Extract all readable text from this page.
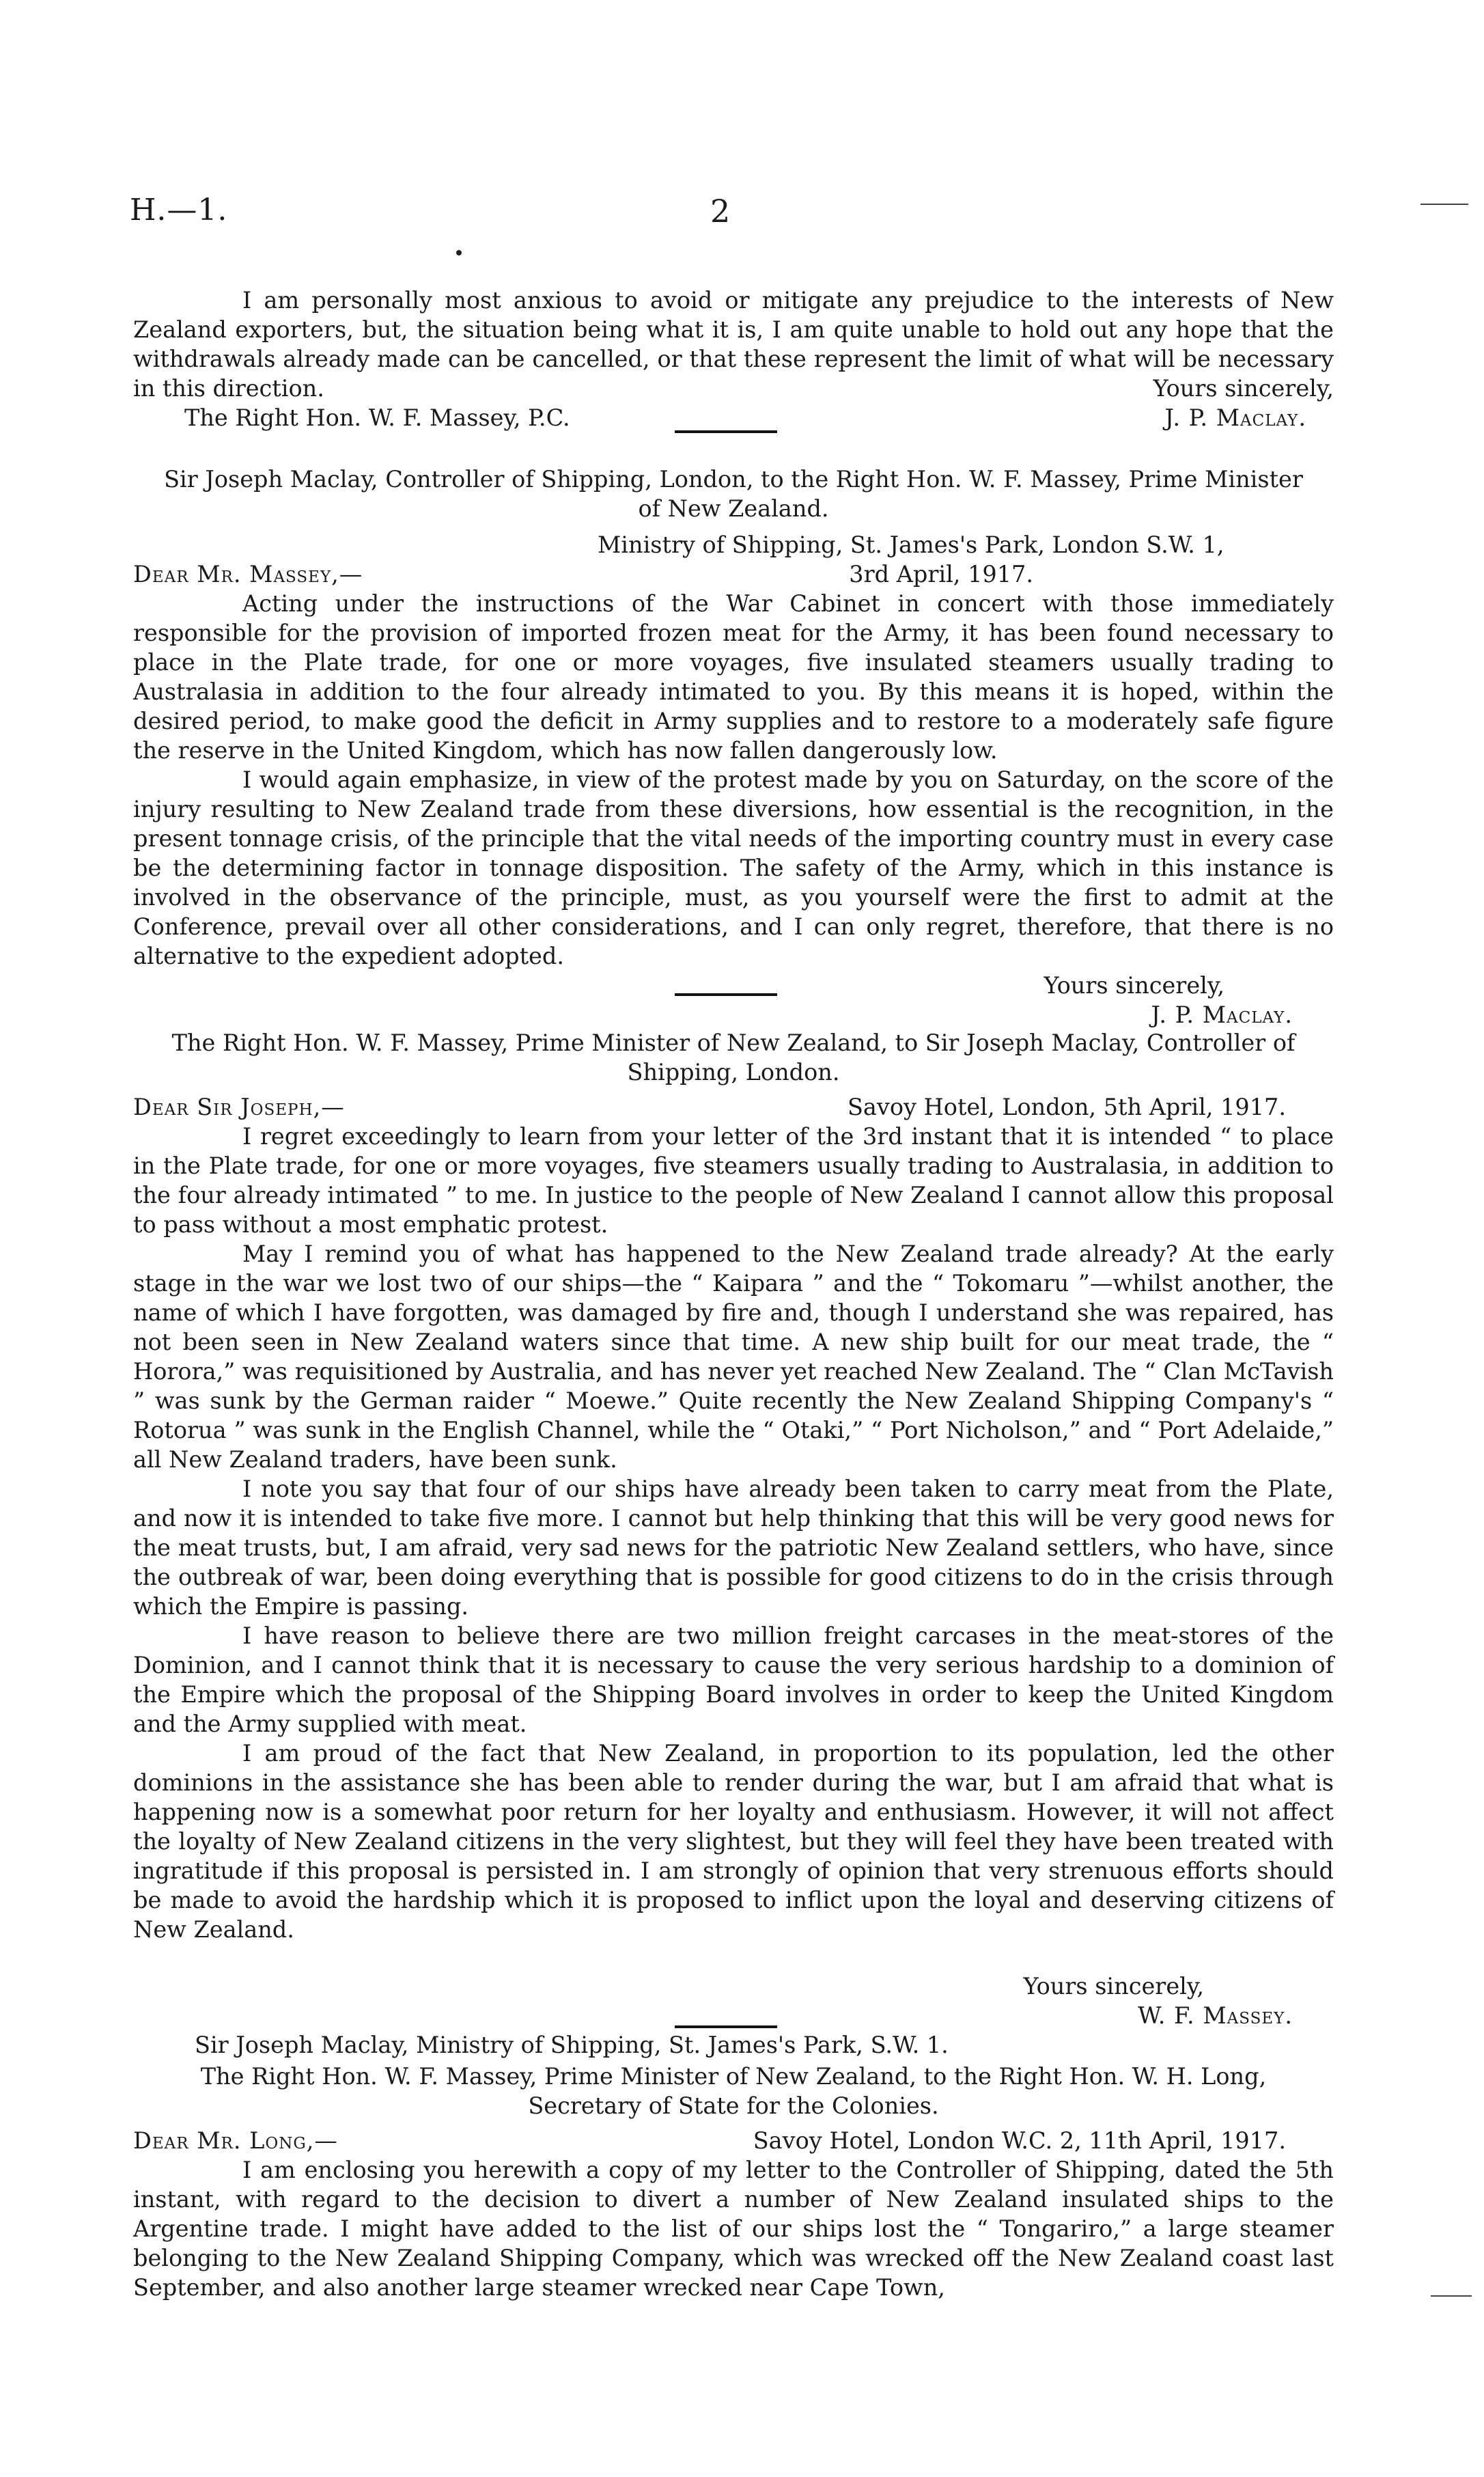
H.—1.	2

I am personally most anxious to avoid or mitigate any prejudice to the interests of New Zealand exporters, but, the situation being what it is, I am quite unable to hold out any hope that the withdrawals already made can be cancelled, or that these represent the limit of what will be necessary in this direction.	Yours sincerely,

The Right Hon. W. F. Massey, P.C.	J. P. Maclay.

Sir Joseph Maclay, Controller of Shipping, London, to the Right Hon. W. F. Massey, Prime Minister of New Zealand.

Ministry of Shipping, St. James's Park, London S.W. 1,

Dear Mr. Massey,—	3rd April, 1917.

Acting under the instructions of the War Cabinet in concert with those immediately responsible for the provision of imported frozen meat for the Army, it has been found necessary to place in the Plate trade, for one or more voyages, five insulated steamers usually trading to Australasia in addition to the four already intimated to you. By this means it is hoped, within the desired period, to make good the deficit in Army supplies and to restore to a moderately safe figure the reserve in the United Kingdom, which has now fallen dangerously low.

I would again emphasize, in view of the protest made by you on Saturday, on the score of the injury resulting to New Zealand trade from these diversions, how essential is the recognition, in the present tonnage crisis, of the principle that the vital needs of the importing country must in every case be the determining factor in tonnage disposition. The safety of the Army, which in this instance is involved in the observance of the principle, must, as you yourself were the first to admit at the Conference, prevail over all other considerations, and I can only regret, therefore, that there is no alternative to the expedient adopted.

Yours sincerely,

J. P. Maclay.

The Right Hon. W. F. Massey, Prime Minister of New Zealand, to Sir Joseph Maclay, Controller of Shipping, London.

Dear Sir Joseph,—	Savoy Hotel, London, 5th April, 1917.

I regret exceedingly to learn from your letter of the 3rd instant that it is intended “ to place in the Plate trade, for one or more voyages, five steamers usually trading to Australasia, in addition to the four already intimated ” to me. In justice to the people of New Zealand I cannot allow this proposal to pass without a most emphatic protest.

May I remind you of what has happened to the New Zealand trade already? At the early stage in the war we lost two of our ships—the “ Kaipara ” and the “ Tokomaru ”—whilst another, the name of which I have forgotten, was damaged by fire and, though I understand she was repaired, has not been seen in New Zealand waters since that time. A new ship built for our meat trade, the “ Horora,” was requisitioned by Australia, and has never yet reached New Zealand. The “ Clan McTavish ” was sunk by the German raider “ Moewe.” Quite recently the New Zealand Shipping Company's “ Rotorua ” was sunk in the English Channel, while the “ Otaki,” “ Port Nicholson,” and “ Port Adelaide,” all New Zealand traders, have been sunk.

I note you say that four of our ships have already been taken to carry meat from the Plate, and now it is intended to take five more. I cannot but help thinking that this will be very good news for the meat trusts, but, I am afraid, very sad news for the patriotic New Zealand settlers, who have, since the outbreak of war, been doing everything that is possible for good citizens to do in the crisis through which the Empire is passing.

I have reason to believe there are two million freight carcases in the meat-stores of the Dominion, and I cannot think that it is necessary to cause the very serious hardship to a dominion of the Empire which the proposal of the Shipping Board involves in order to keep the United Kingdom and the Army supplied with meat.

I am proud of the fact that New Zealand, in proportion to its population, led the other dominions in the assistance she has been able to render during the war, but I am afraid that what is happening now is a somewhat poor return for her loyalty and enthusiasm. However, it will not affect the loyalty of New Zealand citizens in the very slightest, but they will feel they have been treated with ingratitude if this proposal is persisted in. I am strongly of opinion that very strenuous efforts should be made to avoid the hardship which it is proposed to inflict upon the loyal and deserving citizens of New Zealand.

Yours sincerely,

W. F. Massey.

Sir Joseph Maclay, Ministry of Shipping, St. James's Park, S.W. 1.

The Right Hon. W. F. Massey, Prime Minister of New Zealand, to the Right Hon. W. H. Long, Secretary of State for the Colonies.

Dear Mr. Long,—	Savoy Hotel, London W.C. 2, 11th April, 1917.

I am enclosing you herewith a copy of my letter to the Controller of Shipping, dated the 5th instant, with regard to the decision to divert a number of New Zealand insulated ships to the Argentine trade. I might have added to the list of our ships lost the “ Tongariro,” a large steamer belonging to the New Zealand Shipping Company, which was wrecked off the New Zealand coast last September, and also another large steamer wrecked near Cape Town,
